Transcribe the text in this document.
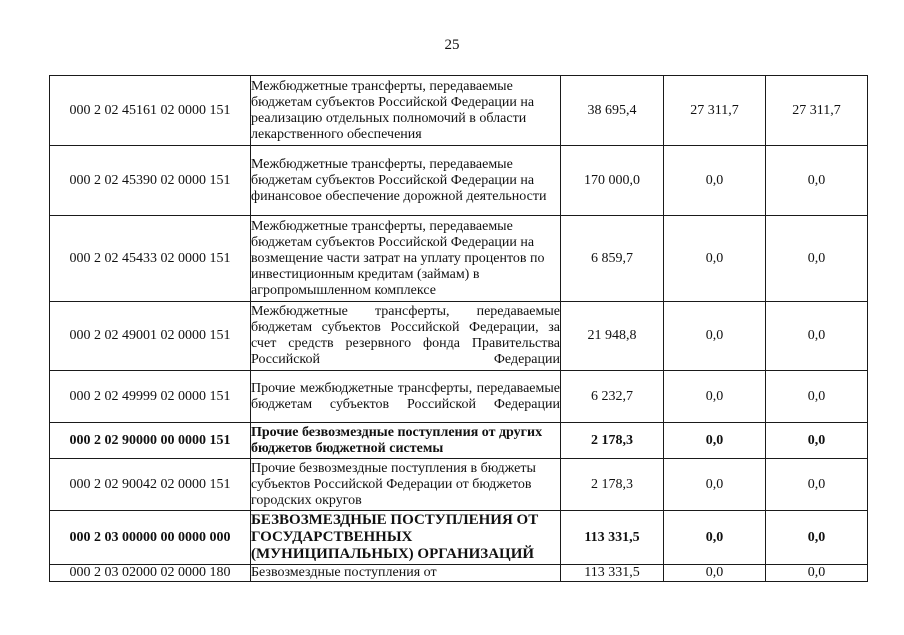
25
000 2 02 45161 02 0000 151	Межбюджетные трансферты, передаваемые бюджетам субъектов Российской Федерации на реализацию отдельных полномочий в области лекарственного обеспечения	38 695,4	27 311,7	27 311,7
000 2 02 45390 02 0000 151	Межбюджетные трансферты, передаваемые бюджетам субъектов Российской Федерации на финансовое обеспечение дорожной деятельности	170 000,0	0,0	0,0
000 2 02 45433 02 0000 151	Межбюджетные трансферты, передаваемые бюджетам субъектов Российской Федерации на возмещение части затрат на уплату процентов по инвестиционным кредитам (займам) в агропромышленном комплексе	6 859,7	0,0	0,0
000 2 02 49001 02 0000 151	Межбюджетные трансферты, передаваемые бюджетам субъектов Российской Федерации, за счет средств резервного фонда Правительства Российской Федерации	21 948,8	0,0	0,0
000 2 02 49999 02 0000 151	Прочие межбюджетные трансферты, передаваемые бюджетам субъектов Российской Федерации	6 232,7	0,0	0,0
000 2 02 90000 00 0000 151	Прочие безвозмездные поступления от других бюджетов бюджетной системы	2 178,3	0,0	0,0
000 2 02 90042 02 0000 151	Прочие безвозмездные поступления в бюджеты субъектов Российской Федерации от бюджетов городских округов	2 178,3	0,0	0,0
000 2 03 00000 00 0000 000	БЕЗВОЗМЕЗДНЫЕ ПОСТУПЛЕНИЯ ОТ ГОСУДАРСТВЕННЫХ (МУНИЦИПАЛЬНЫХ) ОРГАНИЗАЦИЙ	113 331,5	0,0	0,0
000 2 03 02000 02 0000 180	Безвозмездные поступления от	113 331,5	0,0	0,0
